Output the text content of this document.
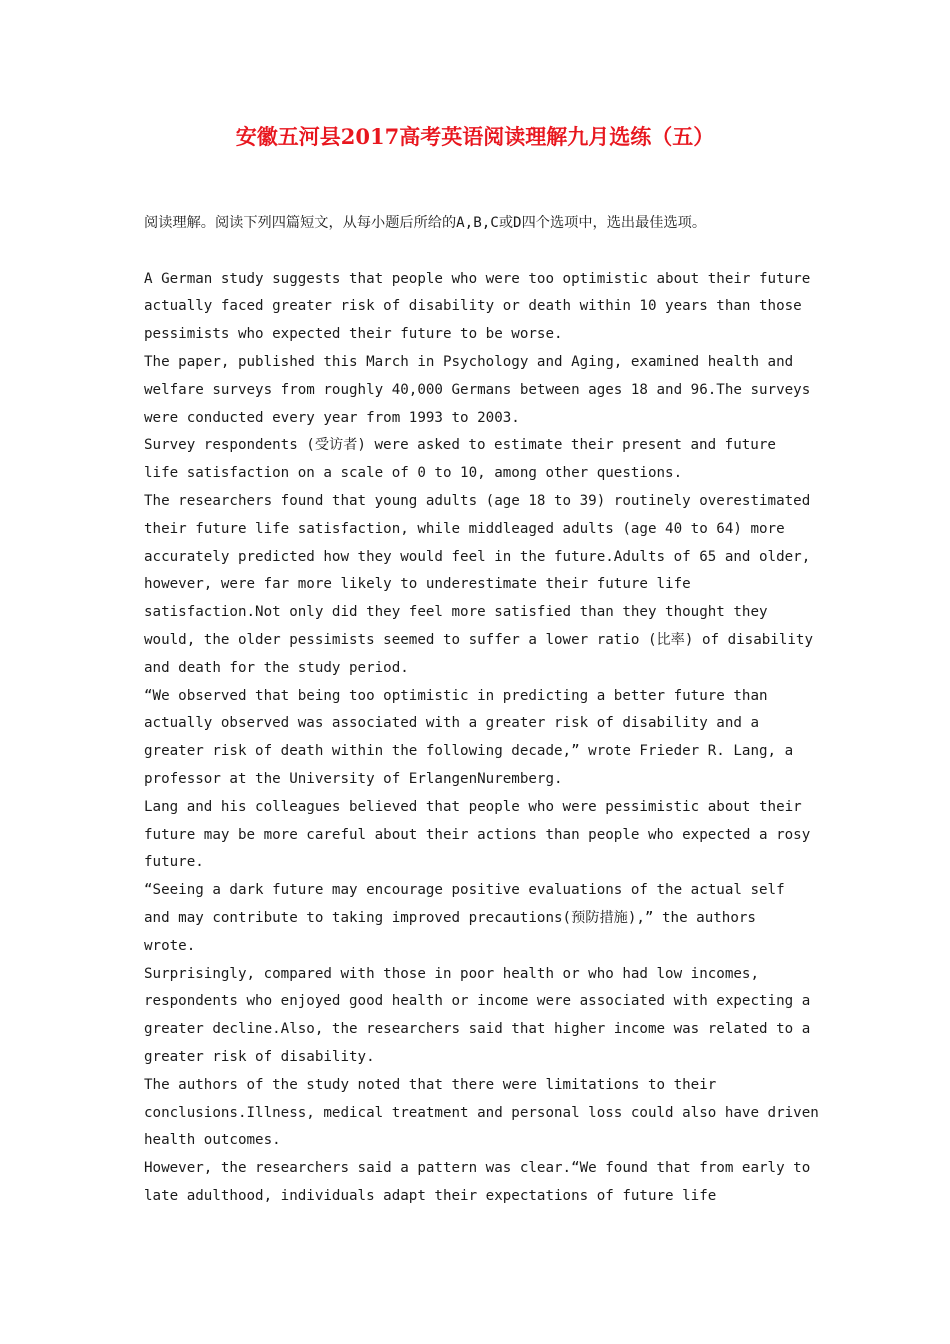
安徽五河县2017高考英语阅读理解九月选练（五）
阅读理解。阅读下列四篇短文，从每小题后所给的A,B,C或D四个选项中，选出最佳选项。
A German study suggests that people who were too optimistic about their future
actually faced greater risk of disability or death within 10 years than those
pessimists who expected their future to be worse.
The paper, published this March in Psychology and Aging, examined health and
welfare surveys from roughly 40,000 Germans between ages 18 and 96.The surveys
were conducted every year from 1993 to 2003.
Survey respondents (受访者) were asked to estimate their present and future
life satisfaction on a scale of 0 to 10, among other questions.
The researchers found that young adults (age 18 to 39) routinely overestimated
their future life satisfaction, while middleaged adults (age 40 to 64) more
accurately predicted how they would feel in the future.Adults of 65 and older,
however, were far more likely to underestimate their future life
satisfaction.Not only did they feel more satisfied than they thought they
would, the older pessimists seemed to suffer a lower ratio (比率) of disability
and death for the study period.
“We observed that being too optimistic in predicting a better future than
actually observed was associated with a greater risk of disability and a
greater risk of death within the following decade,” wrote Frieder R. Lang, a
professor at the University of ErlangenNuremberg.
Lang and his colleagues believed that people who were pessimistic about their
future may be more careful about their actions than people who expected a rosy
future.
“Seeing a dark future may encourage positive evaluations of the actual self
and may contribute to taking improved precautions(预防措施),” the authors
wrote.
Surprisingly, compared with those in poor health or who had low incomes,
respondents who enjoyed good health or income were associated with expecting a
greater decline.Also, the researchers said that higher income was related to a
greater risk of disability.
The authors of the study noted that there were limitations to their
conclusions.Illness, medical treatment and personal loss could also have driven
health outcomes.
However, the researchers said a pattern was clear.“We found that from early to
late adulthood, individuals adapt their expectations of future life
